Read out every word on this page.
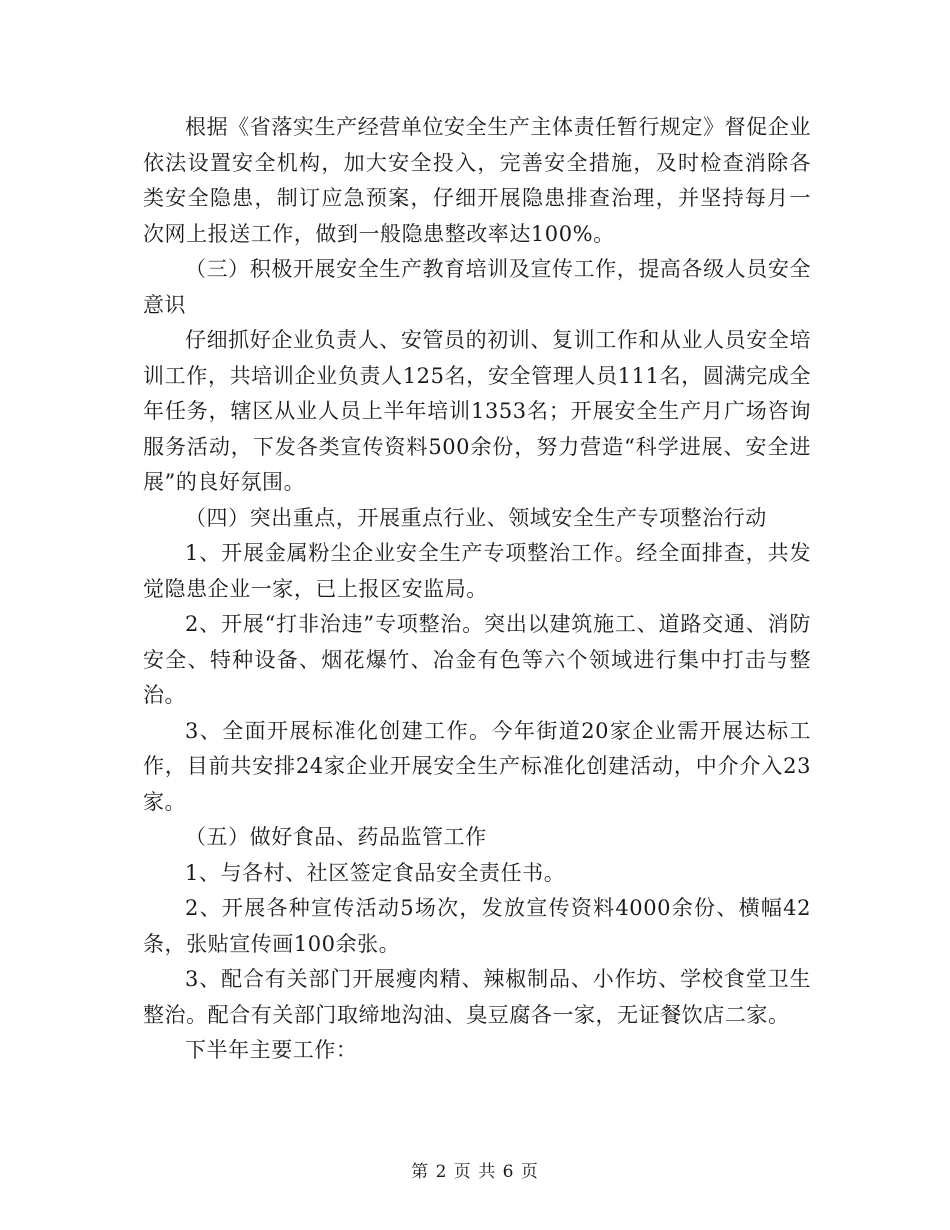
根据《省落实生产经营单位安全生产主体责任暂行规定》督促企业依法设置安全机构，加大安全投入，完善安全措施，及时检查消除各类安全隐患，制订应急预案，仔细开展隐患排查治理，并坚持每月一次网上报送工作，做到一般隐患整改率达100%。

（三）积极开展安全生产教育培训及宣传工作，提高各级人员安全意识

仔细抓好企业负责人、安管员的初训、复训工作和从业人员安全培训工作，共培训企业负责人125名，安全管理人员111名，圆满完成全年任务，辖区从业人员上半年培训1353名；开展安全生产月广场咨询服务活动，下发各类宣传资料500余份，努力营造“科学进展、安全进展”的良好氛围。

（四）突出重点，开展重点行业、领域安全生产专项整治行动

1、开展金属粉尘企业安全生产专项整治工作。经全面排查，共发觉隐患企业一家，已上报区安监局。

2、开展“打非治违”专项整治。突出以建筑施工、道路交通、消防安全、特种设备、烟花爆竹、冶金有色等六个领域进行集中打击与整治。

3、全面开展标准化创建工作。今年街道20家企业需开展达标工作，目前共安排24家企业开展安全生产标准化创建活动，中介介入23家。

（五）做好食品、药品监管工作

1、与各村、社区签定食品安全责任书。

2、开展各种宣传活动5场次，发放宣传资料4000余份、横幅42条，张贴宣传画100余张。

3、配合有关部门开展瘦肉精、辣椒制品、小作坊、学校食堂卫生整治。配合有关部门取缔地沟油、臭豆腐各一家，无证餐饮店二家。

下半年主要工作：

第 2 页 共 6 页
